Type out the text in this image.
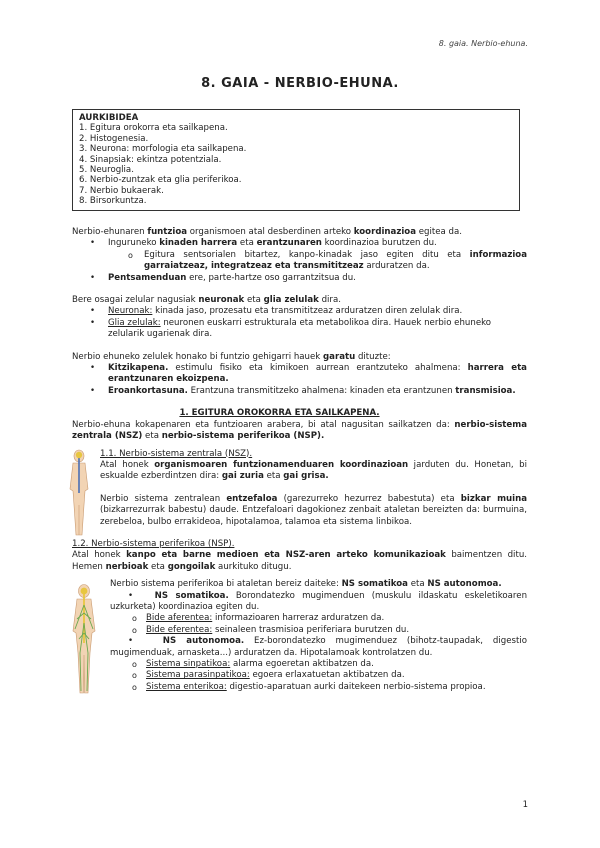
8. gaia. Nerbio-ehuna.
8. GAIA - NERBIO-EHUNA.
AURKIBIDEA
1. Egitura orokorra eta sailkapena.
2. Histogenesia.
3. Neurona: morfologia eta sailkapena.
4. Sinapsiak: ekintza potentziala.
5. Neuroglia.
6. Nerbio-zuntzak eta glia periferikoa.
7. Nerbio bukaerak.
8. Birsorkuntza.

Nerbio-ehunaren funtzioa organismoen atal desberdinen arteko koordinazioa egitea da.

• Inguruneko kinaden harrera eta erantzunaren koordinazioa burutzen du.

o Egitura sentsorialen bitartez, kanpo-kinadak jaso egiten ditu eta informazioa garraiatzeaz, integratzeaz eta transmititzeaz arduratzen da.

• Pentsamenduan ere, parte-hartze oso garrantzitsua du.

Bere osagai zelular nagusiak neuronak eta glia zelulak dira.

• Neuronak: kinada jaso, prozesatu eta transmititzeaz arduratzen diren zelulak dira.

• Glia zelulak: neuronen euskarri estrukturala eta metabolikoa dira. Hauek nerbio ehuneko zelularik ugarienak dira.

Nerbio ehuneko zelulek honako bi funtzio gehigarri hauek garatu dituzte:

• Kitzikapena. estimulu fisiko eta kimikoen aurrean erantzuteko ahalmena: harrera eta erantzunaren ekoizpena.

• Eroankortasuna. Erantzuna transmititzeko ahalmena: kinaden eta erantzunen transmisioa.

1. EGITURA OROKORRA ETA SAILKAPENA.

Nerbio-ehuna kokapenaren eta funtzioaren arabera, bi atal nagusitan sailkatzen da: nerbio-sistema zentrala (NSZ) eta nerbio-sistema periferikoa (NSP).

1.1. Nerbio-sistema zentrala (NSZ).

Atal honek organismoaren funtzionamenduaren koordinazioan jarduten du. Honetan, bi eskualde ezberdintzen dira: gai zuria eta gai grisa.

Nerbio sistema zentralean entzefaloa (garezurreko hezurrez babestuta) eta bizkar muina (bizkarrezurrak babestu) daude. Entzefaloari dagokionez zenbait ataletan bereizten da: burmuina, zerebeloa, bulbo errakideoa, hipotalamoa, talamoa eta sistema linbikoa.

1.2. Nerbio-sistema periferikoa (NSP).

Atal honek kanpo eta barne medioen eta NSZ-aren arteko komunikazioak baimentzen ditu. Hemen nerbioak eta gongoilak aurkituko ditugu.

Nerbio sistema periferikoa bi ataletan bereiz daiteke: NS somatikoa eta NS autonomoa.

•   NS somatikoa. Borondatezko mugimenduen (muskulu ildaskatu eskeletikoaren uzkurketa) koordinazioa egiten du.

o Bide aferentea: informazioaren harreraz arduratzen da.

o Bide eferentea: seinaleen trasmisioa periferiara burutzen du.

•   NS autonomoa. Ez-borondatezko mugimenduez (bihotz-taupadak, digestio mugimenduak, arnasketa...) arduratzen da. Hipotalamoak kontrolatzen du.

o Sistema sinpatikoa: alarma egoeretan aktibatzen da.

o Sistema parasinpatikoa: egoera erlaxatuetan aktibatzen da.

o Sistema enterikoa: digestio-aparatuan aurki daitekeen nerbio-sistema propioa.

1
